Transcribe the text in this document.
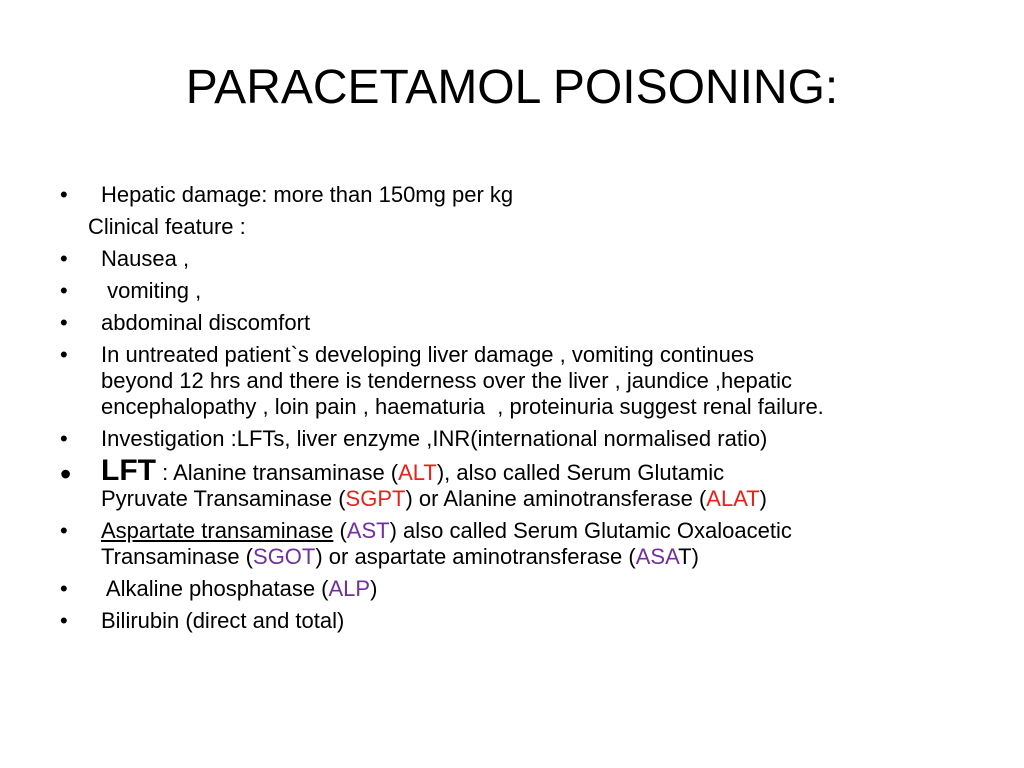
PARACETAMOL POISONING:
•	Hepatic damage: more than 150mg per kg
Clinical feature :
•	Nausea ,
•	vomiting ,
•	abdominal discomfort
•	In untreated patient`s developing liver damage , vomiting continues
beyond 12 hrs and there is tenderness over the liver , jaundice ,hepatic
encephalopathy , loin pain , haematuria  , proteinuria suggest renal failure.
•	Investigation :LFTs, liver enzyme ,INR(international normalised ratio)
• LFT : Alanine transaminase (ALT), also called Serum Glutamic
Pyruvate Transaminase (SGPT) or Alanine aminotransferase (ALAT)
•	Aspartate transaminase (AST) also called Serum Glutamic Oxaloacetic
Transaminase (SGOT) or aspartate aminotransferase (ASAT)
•	Alkaline phosphatase (ALP)
•	Bilirubin (direct and total)
